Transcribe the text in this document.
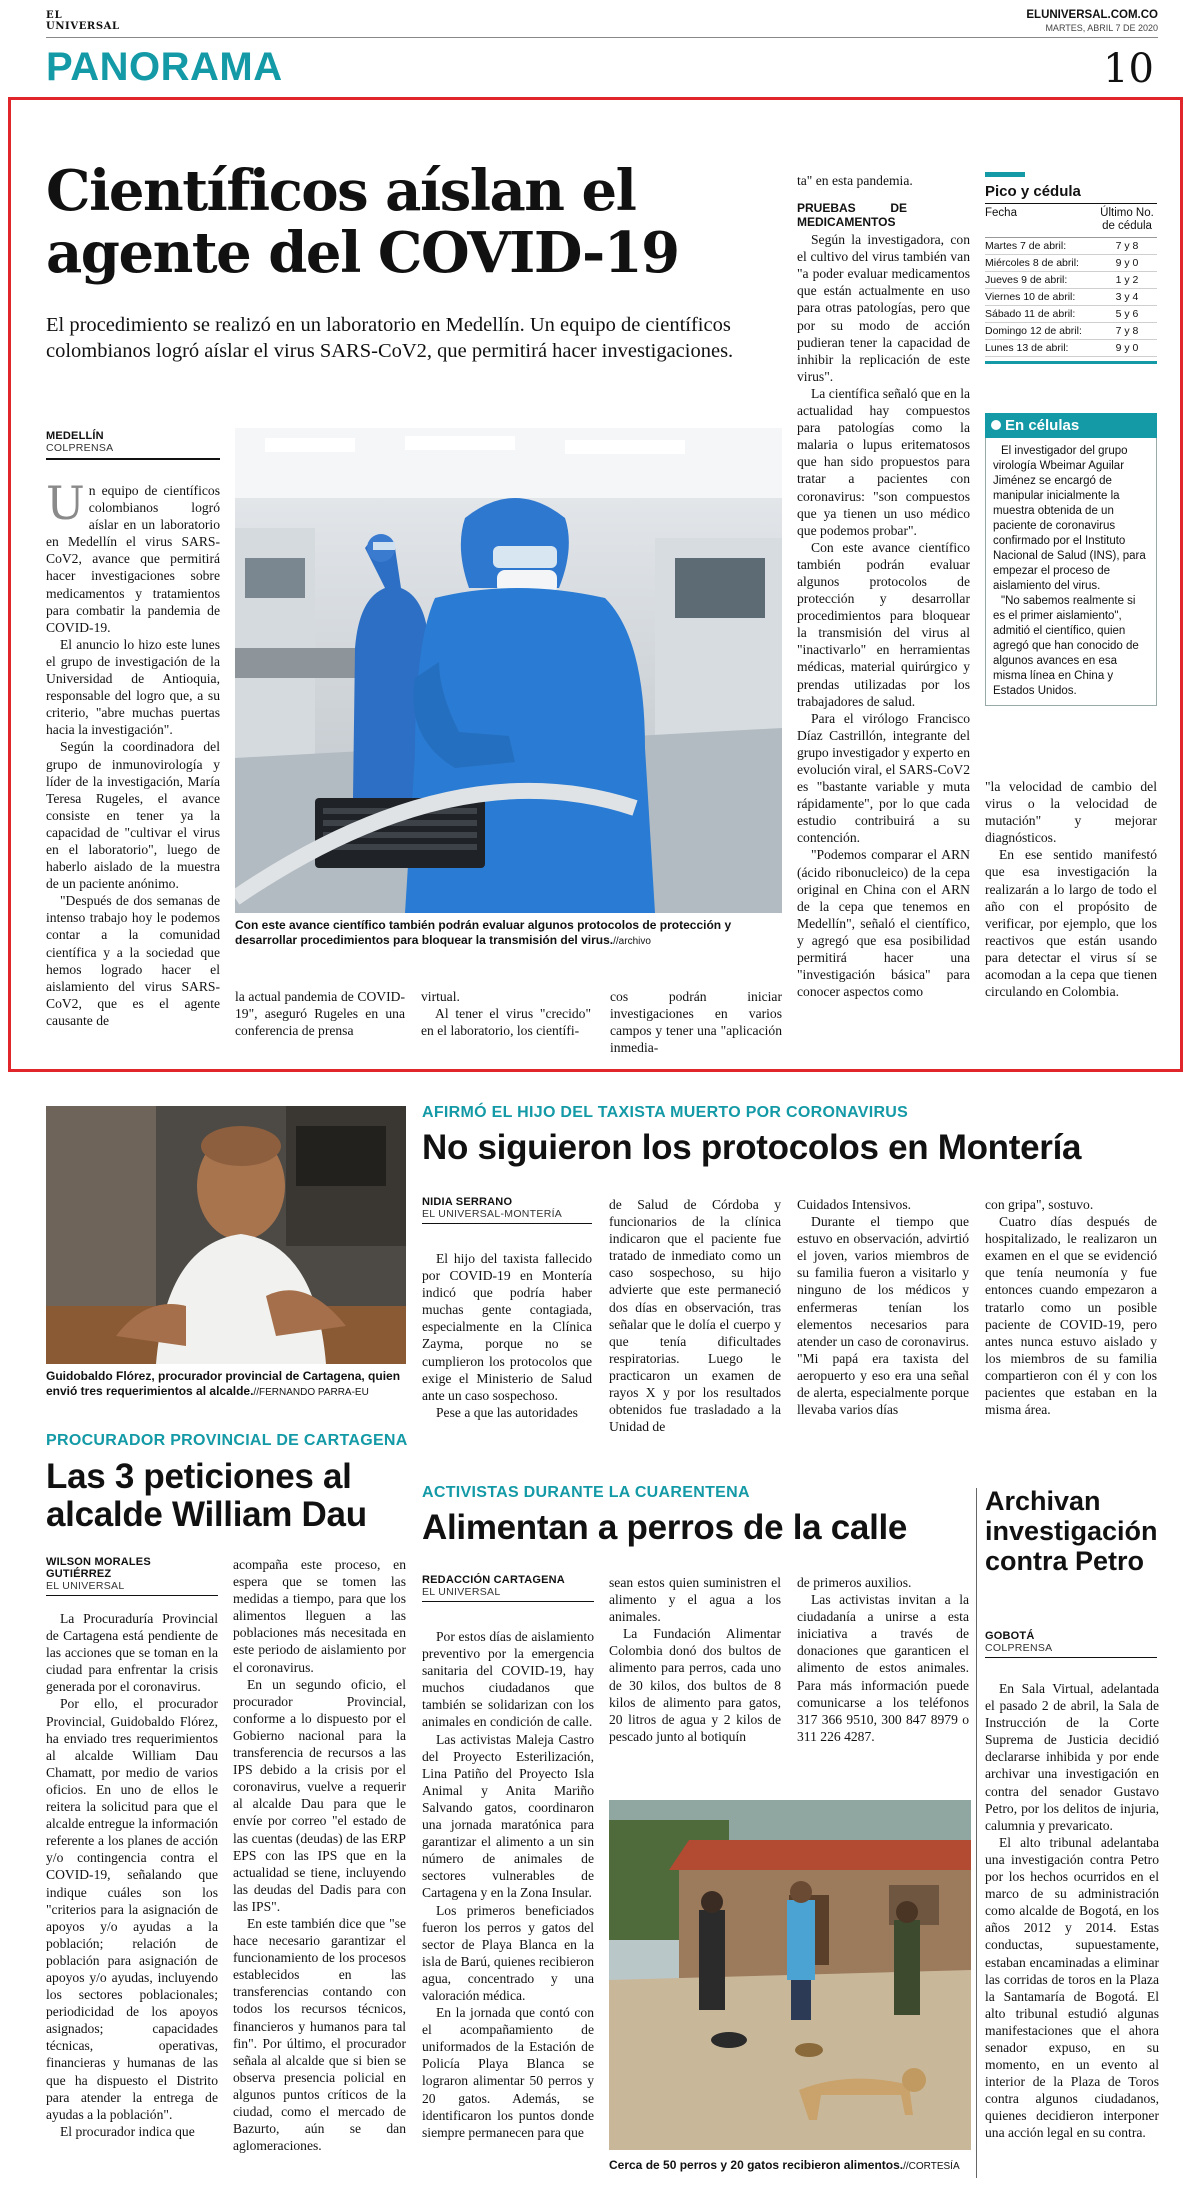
EL
UNIVERSAL
ELUNIVERSAL.COM.CO
MARTES, ABRIL 7 DE 2020
PANORAMA	10
Científicos aíslan el agente del COVID-19
El procedimiento se realizó en un laboratorio en Medellín. Un equipo de científicos colombianos logró aíslar el virus SARS-CoV2, que permitirá hacer investigaciones.
MEDELLÍN
COLPRENSA

Un equipo de científicos colombianos logró aíslar en un laboratorio en Medellín el virus SARS-CoV2, avance que permitirá hacer investigaciones sobre medicamentos y tratamientos para combatir la pandemia de COVID-19.

El anuncio lo hizo este lunes el grupo de investigación de la Universidad de Antioquia, responsable del logro que, a su criterio, "abre muchas puertas hacia la investigación".

Según la coordinadora del grupo de inmunovirología y líder de la investigación, María Teresa Rugeles, el avance consiste en tener ya la capacidad de "cultivar el virus en el laboratorio", luego de haberlo aislado de la muestra de un paciente anónimo.

"Después de dos semanas de intenso trabajo hoy le podemos contar a la comunidad científica y a la sociedad que hemos logrado hacer el aislamiento del virus SARS-CoV2, que es el agente causante de

Con este avance científico también podrán evaluar algunos protocolos de protección y desarrollar procedimientos para bloquear la transmisión del virus.//archivo

la actual pandemia de COVID-19", aseguró Rugeles en una conferencia de prensa

virtual.

Al tener el virus "crecido" en el laboratorio, los científi-

cos podrán iniciar investigaciones en varios campos y tener una "aplicación inmedia-

ta" en esta pandemia.

PRUEBAS DE MEDICAMENTOS

Según la investigadora, con el cultivo del virus también van "a poder evaluar medicamentos que están actualmente en uso para otras patologías, pero que por su modo de acción pudieran tener la capacidad de inhibir la replicación de este virus".

La científica señaló que en la actualidad hay compuestos para patologías como la malaria o lupus eritematosos que han sido propuestos para tratar a pacientes con coronavirus: "son compuestos que ya tienen un uso médico que podemos probar".

Con este avance científico también podrán evaluar algunos protocolos de protección y desarrollar procedimientos para bloquear la transmisión del virus al "inactivarlo" en herramientas médicas, material quirúrgico y prendas utilizadas por los trabajadores de salud.

Para el virólogo Francisco Díaz Castrillón, integrante del grupo investigador y experto en evolución viral, el SARS-CoV2 es "bastante variable y muta rápidamente", por lo que cada estudio contribuirá a su contención.

"Podemos comparar el ARN (ácido ribonucleico) de la cepa original en China con el ARN de la cepa que tenemos en Medellín", señaló el científico, y agregó que esa posibilidad permitirá hacer una "investigación básica" para conocer aspectos como

Pico y cédula
Fecha	Último No. de cédula
Martes 7 de abril:	7 y 8
Miércoles 8 de abril:	9 y 0
Jueves 9 de abril:	1 y 2
Viernes 10 de abril:	3 y 4
Sábado 11 de abril:	5 y 6
Domingo 12 de abril:	7 y 8
Lunes 13 de abril:	9 y 0
En células

El investigador del grupo virología Wbeimar Aguilar Jiménez se encargó de manipular inicialmente la muestra obtenida de un paciente de coronavirus confirmado por el Instituto Nacional de Salud (INS), para empezar el proceso de aislamiento del virus.

"No sabemos realmente si es el primer aislamiento", admitió el científico, quien agregó que han conocido de algunos avances en esa misma línea en China y Estados Unidos.

"la velocidad de cambio del virus o la velocidad de mutación" y mejorar diagnósticos.

En ese sentido manifestó que esa investigación la realizarán a lo largo de todo el año con el propósito de verificar, por ejemplo, que los reactivos que están usando para detectar el virus sí se acomodan a la cepa que tienen circulando en Colombia.

Guidobaldo Flórez, procurador provincial de Cartagena, quien envió tres requerimientos al alcalde.//FERNANDO PARRA-EU
AFIRMÓ EL HIJO DEL TAXISTA MUERTO POR CORONAVIRUS
No siguieron los protocolos en Montería
NIDIA SERRANO
EL UNIVERSAL-MONTERÍA

El hijo del taxista fallecido por COVID-19 en Montería indicó que podría haber muchas gente contagiada, especialmente en la Clínica Zayma, porque no se cumplieron los protocolos que exige el Ministerio de Salud ante un caso sospechoso.

Pese a que las autoridades

de Salud de Córdoba y funcionarios de la clínica indicaron que el paciente fue tratado de inmediato como un caso sospechoso, su hijo advierte que este permaneció dos días en observación, tras señalar que le dolía el cuerpo y que tenía dificultades respiratorias. Luego le practicaron un examen de rayos X y por los resultados obtenidos fue trasladado a la Unidad de

Cuidados Intensivos.

Durante el tiempo que estuvo en observación, advirtió el joven, varios miembros de su familia fueron a visitarlo y ninguno de los médicos y enfermeras tenían los elementos necesarios para atender un caso de coronavirus. "Mi papá era taxista del aeropuerto y eso era una señal de alerta, especialmente porque llevaba varios días

con gripa", sostuvo.

Cuatro días después de hospitalizado, le realizaron un examen en el que se evidenció que tenía neumonía y fue entonces cuando empezaron a tratarlo como un posible paciente de COVID-19, pero antes nunca estuvo aislado y los miembros de su familia compartieron con él y con los pacientes que estaban en la misma área.

PROCURADOR PROVINCIAL DE CARTAGENA
Las 3 peticiones al alcalde William Dau
WILSON MORALES GUTIÉRREZ
EL UNIVERSAL

La Procuraduría Provincial de Cartagena está pendiente de las acciones que se toman en la ciudad para enfrentar la crisis generada por el coronavirus.

Por ello, el procurador Provincial, Guidobaldo Flórez, ha enviado tres requerimientos al alcalde William Dau Chamatt, por medio de varios oficios. En uno de ellos le reitera la solicitud para que el alcalde entregue la información referente a los planes de acción y/o contingencia contra el COVID-19, señalando que indique cuáles son los "criterios para la asignación de apoyos y/o ayudas a la población; relación de población para asignación de apoyos y/o ayudas, incluyendo los sectores poblacionales; periodicidad de los apoyos asignados; capacidades técnicas, operativas, financieras y humanas de las que ha dispuesto el Distrito para atender la entrega de ayudas a la población".

El procurador indica que

acompaña este proceso, en espera que se tomen las medidas a tiempo, para que los alimentos lleguen a las poblaciones más necesitada en este periodo de aislamiento por el coronavirus.

En un segundo oficio, el procurador Provincial, conforme a lo dispuesto por el Gobierno nacional para la transferencia de recursos a las IPS debido a la crisis por el coronavirus, vuelve a requerir al alcalde Dau para que le envíe por correo "el estado de las cuentas (deudas) de las ERP EPS con las IPS que en la actualidad se tiene, incluyendo las deudas del Dadis para con las IPS".

En este también dice que "se hace necesario garantizar el funcionamiento de los procesos establecidos en las transferencias contando con todos los recursos técnicos, financieros y humanos para tal fin". Por último, el procurador señala al alcalde que si bien se observa presencia policial en algunos puntos críticos de la ciudad, como el mercado de Bazurto, aún se dan aglomeraciones.

ACTIVISTAS DURANTE LA CUARENTENA
Alimentan a perros de la calle
REDACCIÓN CARTAGENA
EL UNIVERSAL

Por estos días de aislamiento preventivo por la emergencia sanitaria del COVID-19, hay muchos ciudadanos que también se solidarizan con los animales en condición de calle.

Las activistas Maleja Castro del Proyecto Esterilización, Lina Patiño del Proyecto Isla Animal y Anita Mariño Salvando gatos, coordinaron una jornada maratónica para garantizar el alimento a un sin número de animales de sectores vulnerables de Cartagena y en la Zona Insular.

Los primeros beneficiados fueron los perros y gatos del sector de Playa Blanca en la isla de Barú, quienes recibieron agua, concentrado y una valoración médica.

En la jornada que contó con el acompañamiento de uniformados de la Estación de Policía Playa Blanca se lograron alimentar 50 perros y 20 gatos. Además, se identificaron los puntos donde siempre permanecen para que

sean estos quien suministren el alimento y el agua a los animales.

La Fundación Alimentar Colombia donó dos bultos de alimento para perros, cada uno de 30 kilos, dos bultos de 8 kilos de alimento para gatos, 20 litros de agua y 2 kilos de pescado junto al botiquín

de primeros auxilios.

Las activistas invitan a la ciudadanía a unirse a esta iniciativa a través de donaciones que garanticen el alimento de estos animales. Para más información puede comunicarse a los teléfonos 317 366 9510, 300 847 8979 o 311 226 4287.

Cerca de 50 perros y 20 gatos recibieron alimentos.//CORTESÍA
Archivan investigación contra Petro
GOBOTÁ
COLPRENSA

En Sala Virtual, adelantada el pasado 2 de abril, la Sala de Instrucción de la Corte Suprema de Justicia decidió declararse inhibida y por ende archivar una investigación en contra del senador Gustavo Petro, por los delitos de injuria, calumnia y prevaricato.

El alto tribunal adelantaba una investigación contra Petro por los hechos ocurridos en el marco de su administración como alcalde de Bogotá, en los años 2012 y 2014. Estas conductas, supuestamente, estaban encaminadas a eliminar las corridas de toros en la Plaza la Santamaría de Bogotá. El alto tribunal estudió algunas manifestaciones que el ahora senador expuso, en su momento, en un evento al interior de la Plaza de Toros contra algunos ciudadanos, quienes decidieron interponer una acción legal en su contra.
